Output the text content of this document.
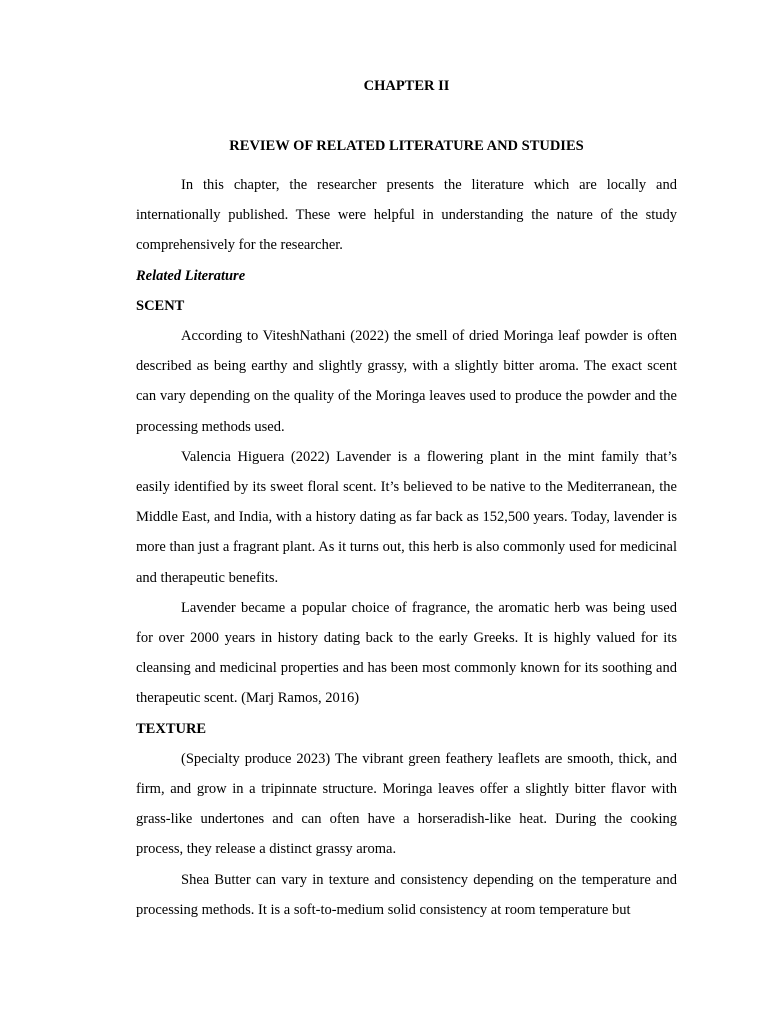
CHAPTER II
REVIEW OF RELATED LITERATURE AND STUDIES

In this chapter, the researcher presents the literature which are locally and internationally published. These were helpful in understanding the nature of the study comprehensively for the researcher.

Related Literature
SCENT

According to ViteshNathani (2022) the smell of dried Moringa leaf powder is often described as being earthy and slightly grassy, with a slightly bitter aroma. The exact scent can vary depending on the quality of the Moringa leaves used to produce the powder and the processing methods used.

Valencia Higuera (2022) Lavender is a flowering plant in the mint family that’s easily identified by its sweet floral scent. It’s believed to be native to the Mediterranean, the Middle East, and India, with a history dating as far back as 152,500 years. Today, lavender is more than just a fragrant plant. As it turns out, this herb is also commonly used for medicinal and therapeutic benefits.

Lavender became a popular choice of fragrance, the aromatic herb was being used for over 2000 years in history dating back to the early Greeks. It is highly valued for its cleansing and medicinal properties and has been most commonly known for its soothing and therapeutic scent. (Marj Ramos, 2016)

TEXTURE

(Specialty produce 2023) The vibrant green feathery leaflets are smooth, thick, and firm, and grow in a tripinnate structure. Moringa leaves offer a slightly bitter flavor with grass-like undertones and can often have a horseradish-like heat. During the cooking process, they release a distinct grassy aroma.

Shea Butter can vary in texture and consistency depending on the temperature and processing methods. It is a soft-to-medium solid consistency at room temperature but
